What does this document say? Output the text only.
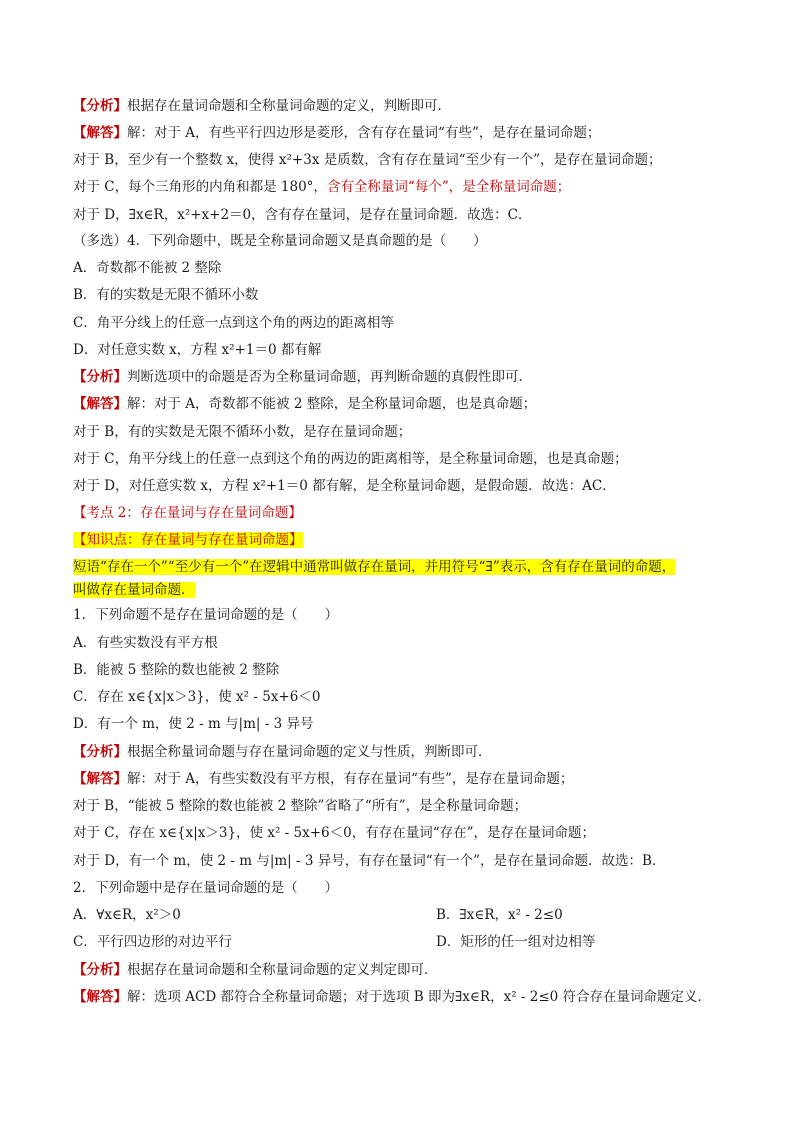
【分析】根据存在量词命题和全称量词命题的定义，判断即可．
【解答】解：对于 A，有些平行四边形是菱形，含有存在量词“有些”，是存在量词命题；
对于 B，至少有一个整数 x，使得 x²+3x 是质数，含有存在量词“至少有一个”，是存在量词命题；
对于 C，每个三角形的内角和都是 180°，含有全称量词“每个”，是全称量词命题；
对于 D，∃x∈R，x²+x+2＝0，含有存在量词，是存在量词命题．故选：C．
（多选）4．下列命题中，既是全称量词命题又是真命题的是（　　）
A．奇数都不能被 2 整除
B．有的实数是无限不循环小数
C．角平分线上的任意一点到这个角的两边的距离相等
D．对任意实数 x，方程 x²+1＝0 都有解
【分析】判断选项中的命题是否为全称量词命题，再判断命题的真假性即可．
【解答】解：对于 A，奇数都不能被 2 整除，是全称量词命题，也是真命题；
对于 B，有的实数是无限不循环小数，是存在量词命题；
对于 C，角平分线上的任意一点到这个角的两边的距离相等，是全称量词命题，也是真命题；
对于 D，对任意实数 x，方程 x²+1＝0 都有解，是全称量词命题，是假命题．故选：AC．
【考点 2：存在量词与存在量词命题】
【知识点：存在量词与存在量词命题】
短语“存在一个”“至少有一个”在逻辑中通常叫做存在量词，并用符号“∃”表示，含有存在量词的命题，
叫做存在量词命题．
1．下列命题不是存在量词命题的是（　　）
A．有些实数没有平方根
B．能被 5 整除的数也能被 2 整除
C．存在 x∈{x|x＞3}，使 x² - 5x+6＜0
D．有一个 m，使 2 - m 与|m| - 3 异号
【分析】根据全称量词命题与存在量词命题的定义与性质，判断即可．
【解答】解：对于 A，有些实数没有平方根，有存在量词“有些”，是存在量词命题；
对于 B，“能被 5 整除的数也能被 2 整除”省略了“所有”，是全称量词命题；
对于 C，存在 x∈{x|x＞3}，使 x² - 5x+6＜0，有存在量词“存在”，是存在量词命题；
对于 D，有一个 m，使 2 - m 与|m| - 3 异号，有存在量词“有一个”，是存在量词命题．故选：B．
2．下列命题中是存在量词命题的是（　　）
A．∀x∈R，x²＞0	B．∃x∈R，x² - 2≤0
C．平行四边形的对边平行	D．矩形的任一组对边相等
【分析】根据存在量词命题和全称量词命题的定义判定即可．
【解答】解：选项 ACD 都符合全称量词命题；对于选项 B 即为∃x∈R，x² - 2≤0 符合存在量词命题定义．
